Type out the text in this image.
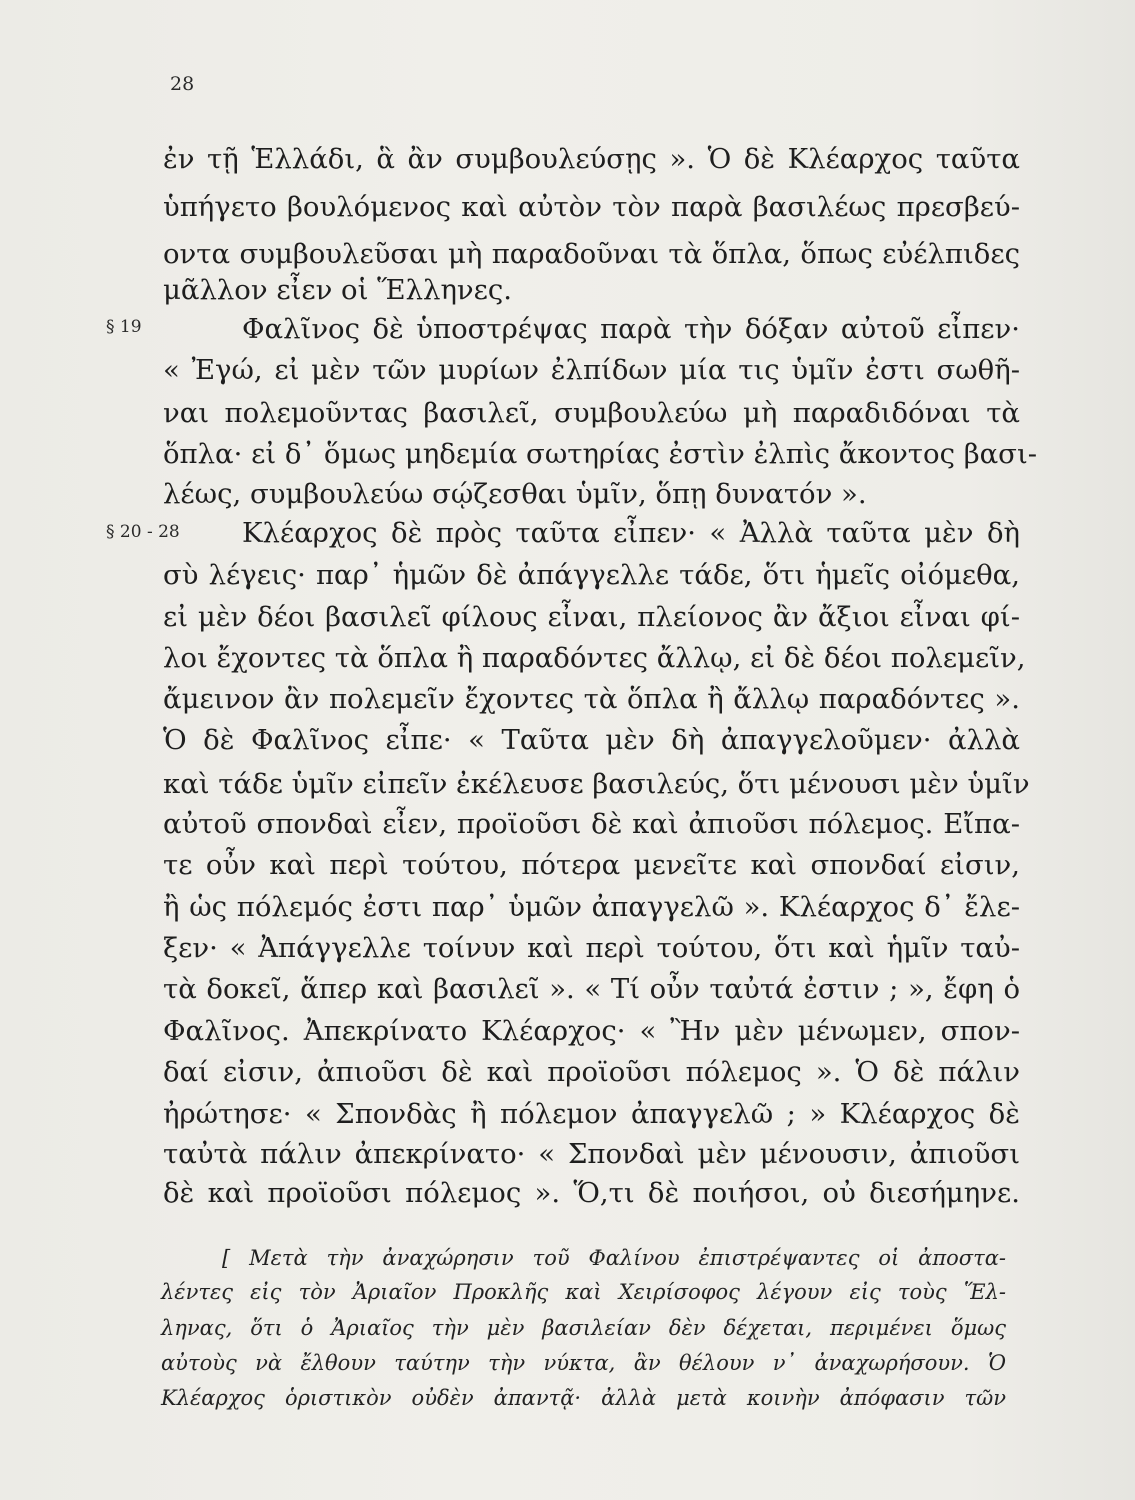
28
§ 19
§ 20 - 28
ἐν τῇ Ἑλλάδι, ἃ ἂν συμβουλεύσῃς ». Ὁ δὲ Κλέαρχος ταῦτα
ὑπήγετο βουλόμενος καὶ αὐτὸν τὸν παρὰ βασιλέως πρεσβεύ-
οντα συμβουλεῦσαι μὴ παραδοῦναι τὰ ὅπλα, ὅπως εὐέλπιδες
μᾶλλον εἶεν οἱ Ἕλληνες.
Φαλῖνος δὲ ὑποστρέψας παρὰ τὴν δόξαν αὐτοῦ εἶπεν·
« Ἐγώ, εἰ μὲν τῶν μυρίων ἐλπίδων μία τις ὑμῖν ἐστι σωθῆ-
ναι πολεμοῦντας βασιλεῖ, συμβουλεύω μὴ παραδιδόναι τὰ
ὅπλα· εἰ δ᾽ ὅμως μηδεμία σωτηρίας ἐστὶν ἐλπὶς ἄκοντος βασι-
λέως, συμβουλεύω σῴζεσθαι ὑμῖν, ὅπῃ δυνατόν ».
Κλέαρχος δὲ πρὸς ταῦτα εἶπεν· « Ἀλλὰ ταῦτα μὲν δὴ
σὺ λέγεις· παρ᾽ ἡμῶν δὲ ἀπάγγελλε τάδε, ὅτι ἡμεῖς οἰόμεθα,
εἰ μὲν δέοι βασιλεῖ φίλους εἶναι, πλείονος ἂν ἄξιοι εἶναι φί-
λοι ἔχοντες τὰ ὅπλα ἢ παραδόντες ἄλλῳ, εἰ δὲ δέοι πολεμεῖν,
ἄμεινον ἂν πολεμεῖν ἔχοντες τὰ ὅπλα ἢ ἄλλῳ παραδόντες ».
Ὁ δὲ Φαλῖνος εἶπε· « Ταῦτα μὲν δὴ ἀπαγγελοῦμεν· ἀλλὰ
καὶ τάδε ὑμῖν εἰπεῖν ἐκέλευσε βασιλεύς, ὅτι μένουσι μὲν ὑμῖν
αὐτοῦ σπονδαὶ εἶεν, προϊοῦσι δὲ καὶ ἀπιοῦσι πόλεμος. Εἴπα-
τε οὖν καὶ περὶ τούτου, πότερα μενεῖτε καὶ σπονδαί εἰσιν,
ἢ ὡς πόλεμός ἐστι παρ᾽ ὑμῶν ἀπαγγελῶ ». Κλέαρχος δ᾽ ἔλε-
ξεν· « Ἀπάγγελλε τοίνυν καὶ περὶ τούτου, ὅτι καὶ ἡμῖν ταὐ-
τὰ δοκεῖ, ἅπερ καὶ βασιλεῖ ». « Τί οὖν ταὐτά ἐστιν ; », ἔφη ὁ
Φαλῖνος. Ἀπεκρίνατο Κλέαρχος· « Ἢν μὲν μένωμεν, σπον-
δαί εἰσιν, ἀπιοῦσι δὲ καὶ προϊοῦσι πόλεμος ». Ὁ δὲ πάλιν
ἠρώτησε· « Σπονδὰς ἢ πόλεμον ἀπαγγελῶ ; » Κλέαρχος δὲ
ταὐτὰ πάλιν ἀπεκρίνατο· « Σπονδαὶ μὲν μένουσιν, ἀπιοῦσι
δὲ καὶ προϊοῦσι πόλεμος ». Ὅ,τι δὲ ποιήσοι, οὐ διεσήμηνε.
[ Μετὰ τὴν ἀναχώρησιν τοῦ Φαλίνου ἐπιστρέψαντες οἱ ἀποστα-
λέντες εἰς τὸν Ἀριαῖον Προκλῆς καὶ Χειρίσοφος λέγουν εἰς τοὺς Ἕλ-
ληνας, ὅτι ὁ Ἀριαῖος τὴν μὲν βασιλείαν δὲν δέχεται, περιμένει ὅμως
αὐτοὺς νὰ ἔλθουν ταύτην τὴν νύκτα, ἂν θέλουν ν᾽ ἀναχωρήσουν. Ὁ
Κλέαρχος ὁριστικὸν οὐδὲν ἀπαντᾷ· ἀλλὰ μετὰ κοινὴν ἀπόφασιν τῶν
